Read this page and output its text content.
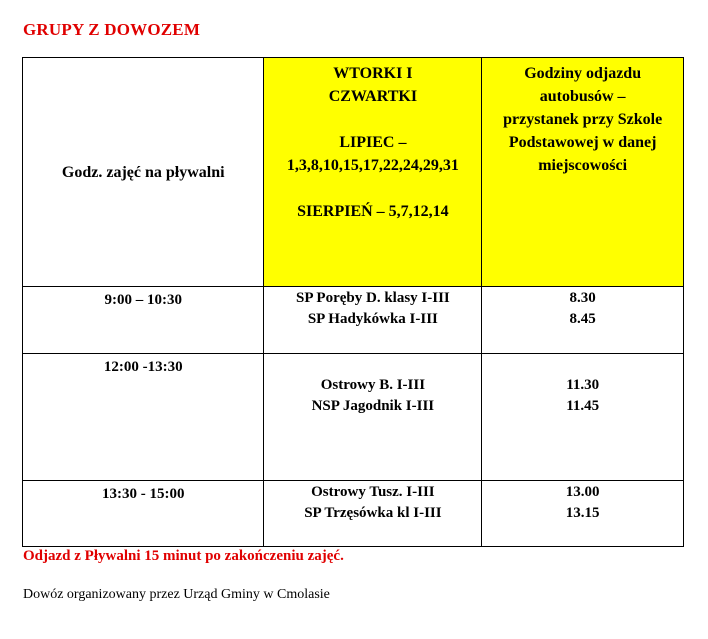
GRUPY Z DOWOZEM
Godz. zajęć na pływalni	WTORKI I
CZWARTKI
LIPIEC –
1,3,8,10,15,17,22,24,29,31
SIERPIEŃ – 5,7,12,14	Godziny odjazdu
autobusów –
przystanek przy Szkole
Podstawowej w danej
miejscowości

9:00 – 10:30	SP Poręby D. klasy I-III
SP Hadykówka I-III	8.30
8.45

12:00 -13:30	Ostrowy B. I-III
NSP Jagodnik I-III	11.30
11.45

13:30 - 15:00	Ostrowy Tusz. I-III
SP Trzęsówka kl I-III	13.00
13.15
Odjazd z Pływalni 15 minut po zakończeniu zajęć.
Dowóz organizowany przez Urząd Gminy w Cmolasie
